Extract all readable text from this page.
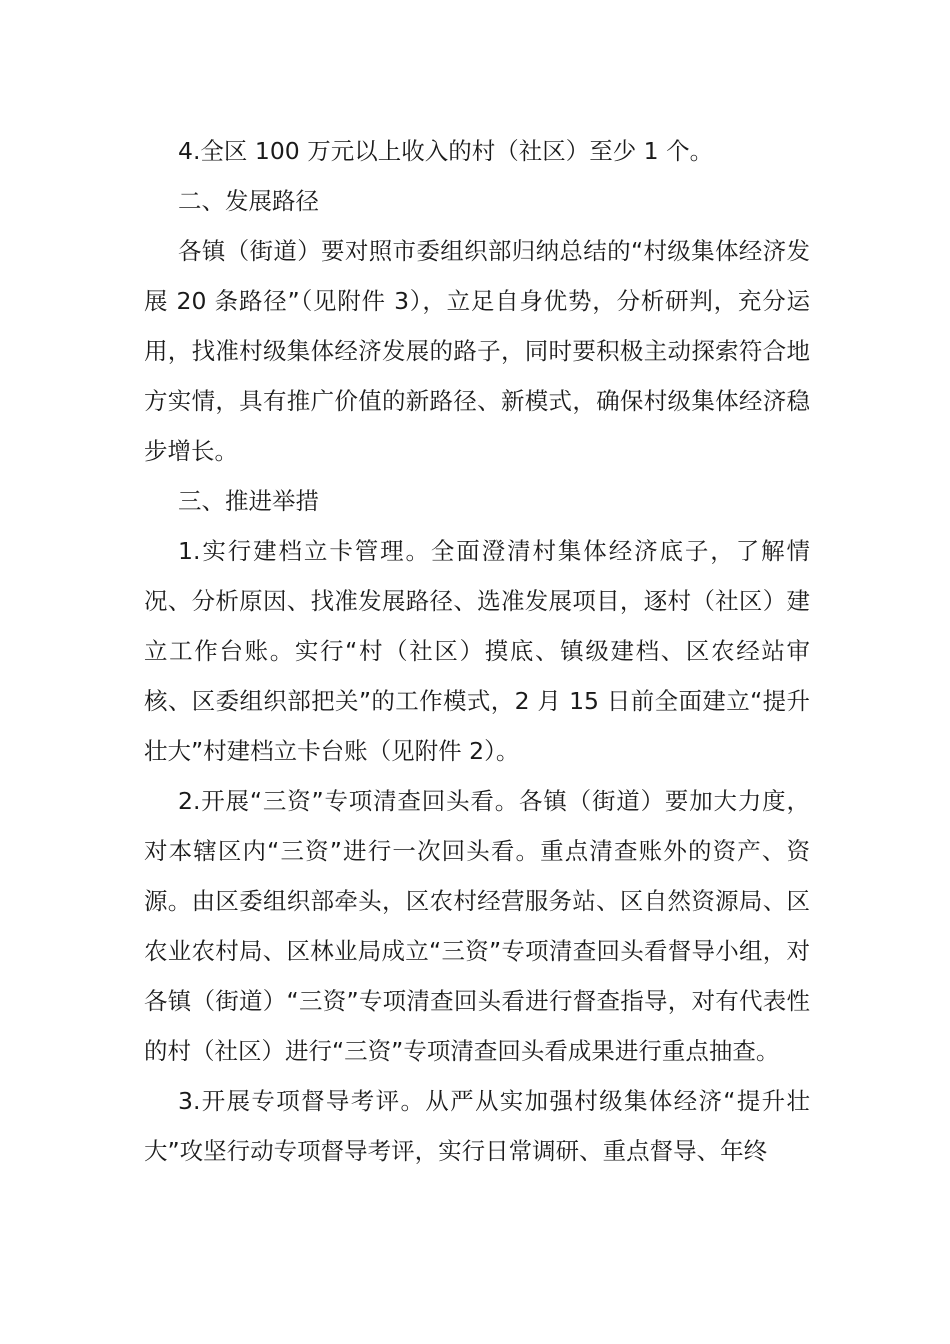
4.全区 100 万元以上收入的村（社区）至少 1 个。

二、发展路径

各镇（街道）要对照市委组织部归纳总结的“村级集体经济发展 20 条路径”（见附件 3），立足自身优势，分析研判，充分运用，找准村级集体经济发展的路子，同时要积极主动探索符合地方实情，具有推广价值的新路径、新模式，确保村级集体经济稳步增长。

三、推进举措

1.实行建档立卡管理。全面澄清村集体经济底子，了解情况、分析原因、找准发展路径、选准发展项目，逐村（社区）建立工作台账。实行“村（社区）摸底、镇级建档、区农经站审核、区委组织部把关”的工作模式，2 月 15 日前全面建立“提升壮大”村建档立卡台账（见附件 2）。

2.开展“三资”专项清查回头看。各镇（街道）要加大力度，对本辖区内“三资”进行一次回头看。重点清查账外的资产、资源。由区委组织部牵头，区农村经营服务站、区自然资源局、区农业农村局、区林业局成立“三资”专项清查回头看督导小组，对各镇（街道）“三资”专项清查回头看进行督查指导，对有代表性的村（社区）进行“三资”专项清查回头看成果进行重点抽查。

3.开展专项督导考评。从严从实加强村级集体经济“提升壮大”攻坚行动专项督导考评，实行日常调研、重点督导、年终
